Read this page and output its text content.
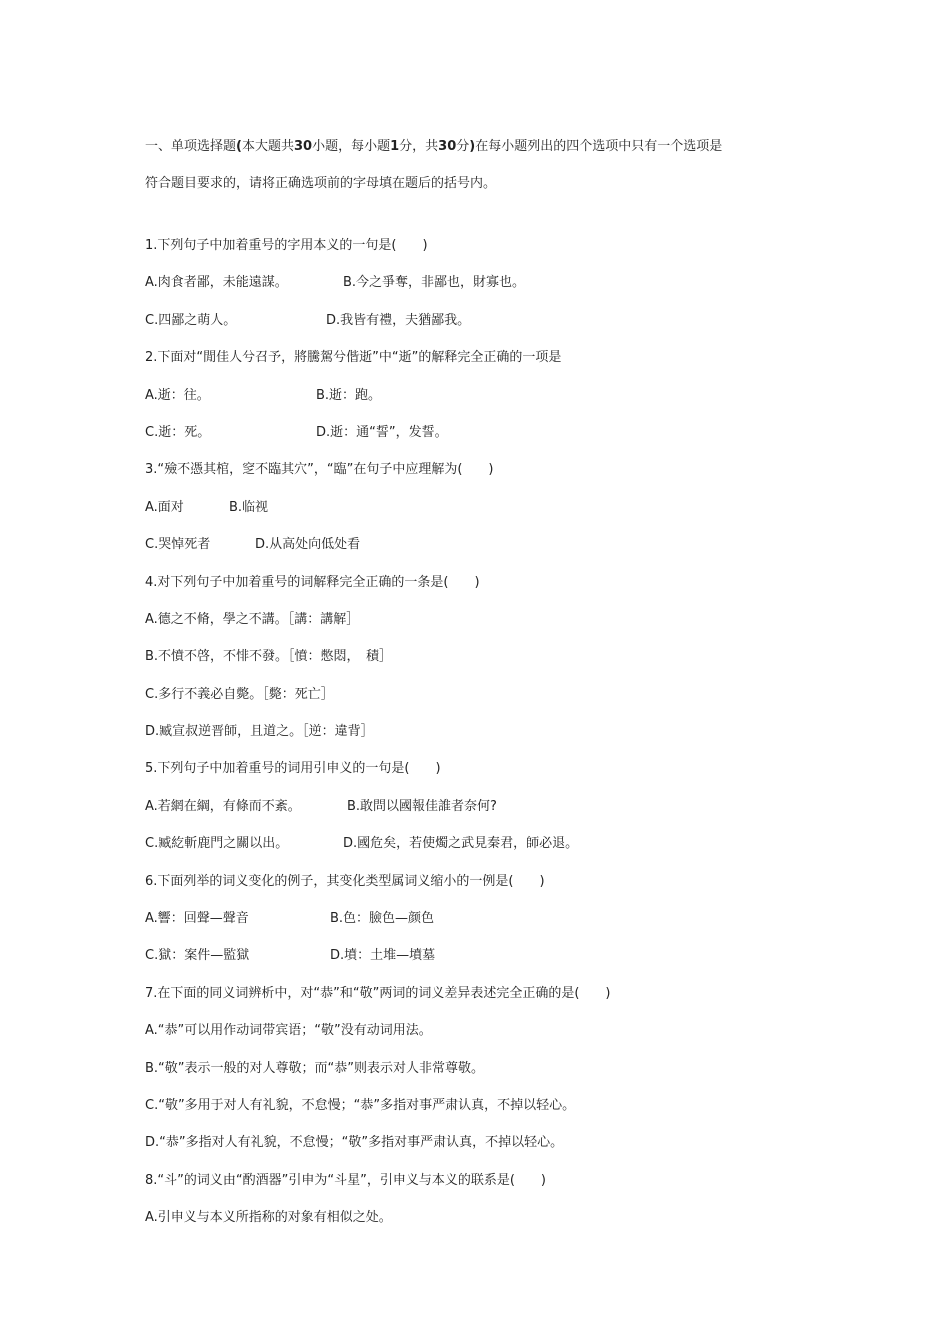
一、单项选择题(本大题共30小题，每小题1分，共30分)在每小题列出的四个选项中只有一个选项是

符合题目要求的，请将正确选项前的字母填在题后的括号内。

1.下列句子中加着重号的字用本义的一句是(　　)
A.肉食者鄙，未能遠謀。	B.今之爭奪，非鄙也，財寡也。
C.四鄙之萌人。	D.我皆有禮，夫猶鄙我。
2.下面对“閒佳人兮召予，將騰駕兮偕逝”中“逝”的解释完全正确的一项是
A.逝：往。	B.逝：跑。
C.逝：死。	D.逝：通“誓”，发誓。
3.“殮不憑其棺，窆不臨其穴”，“臨”在句子中应理解为(　　)
A.面对	B.临视
C.哭悼死者	D.从高处向低处看
4.对下列句子中加着重号的词解释完全正确的一条是(　　)
A.德之不脩，學之不講。［講：講解］
B.不憤不啓，不悱不發。［憤：憋悶，　積］
C.多行不義必自斃。［斃：死亡］
D.臧宣叔逆晋師，且道之。［逆：違背］
5.下列句子中加着重号的词用引申义的一句是(　　)
A.若網在綱，有條而不紊。	B.敢問以國報佳誰者奈何?
C.臧紇斬鹿門之關以出。	D.國危矣，若使燭之武見秦君，師必退。
6.下面列举的词义变化的例子，其变化类型属词义缩小的一例是(　　)
A.響：回聲—聲音	B.色：臉色—颜色
C.獄：案件—監獄	D.墳：土堆—墳墓
7.在下面的同义词辨析中，对“恭”和“敬”两词的词义差异表述完全正确的是(　　)
A.“恭”可以用作动词带宾语；“敬”没有动词用法。
B.“敬”表示一般的对人尊敬；而“恭”则表示对人非常尊敬。
C.“敬”多用于对人有礼貌，不怠慢；“恭”多指对事严肃认真，不掉以轻心。
D.“恭”多指对人有礼貌，不怠慢；“敬”多指对事严肃认真，不掉以轻心。
8.“斗”的词义由“酌酒器”引申为“斗星”，引申义与本义的联系是(　　)
A.引申义与本义所指称的对象有相似之处。
